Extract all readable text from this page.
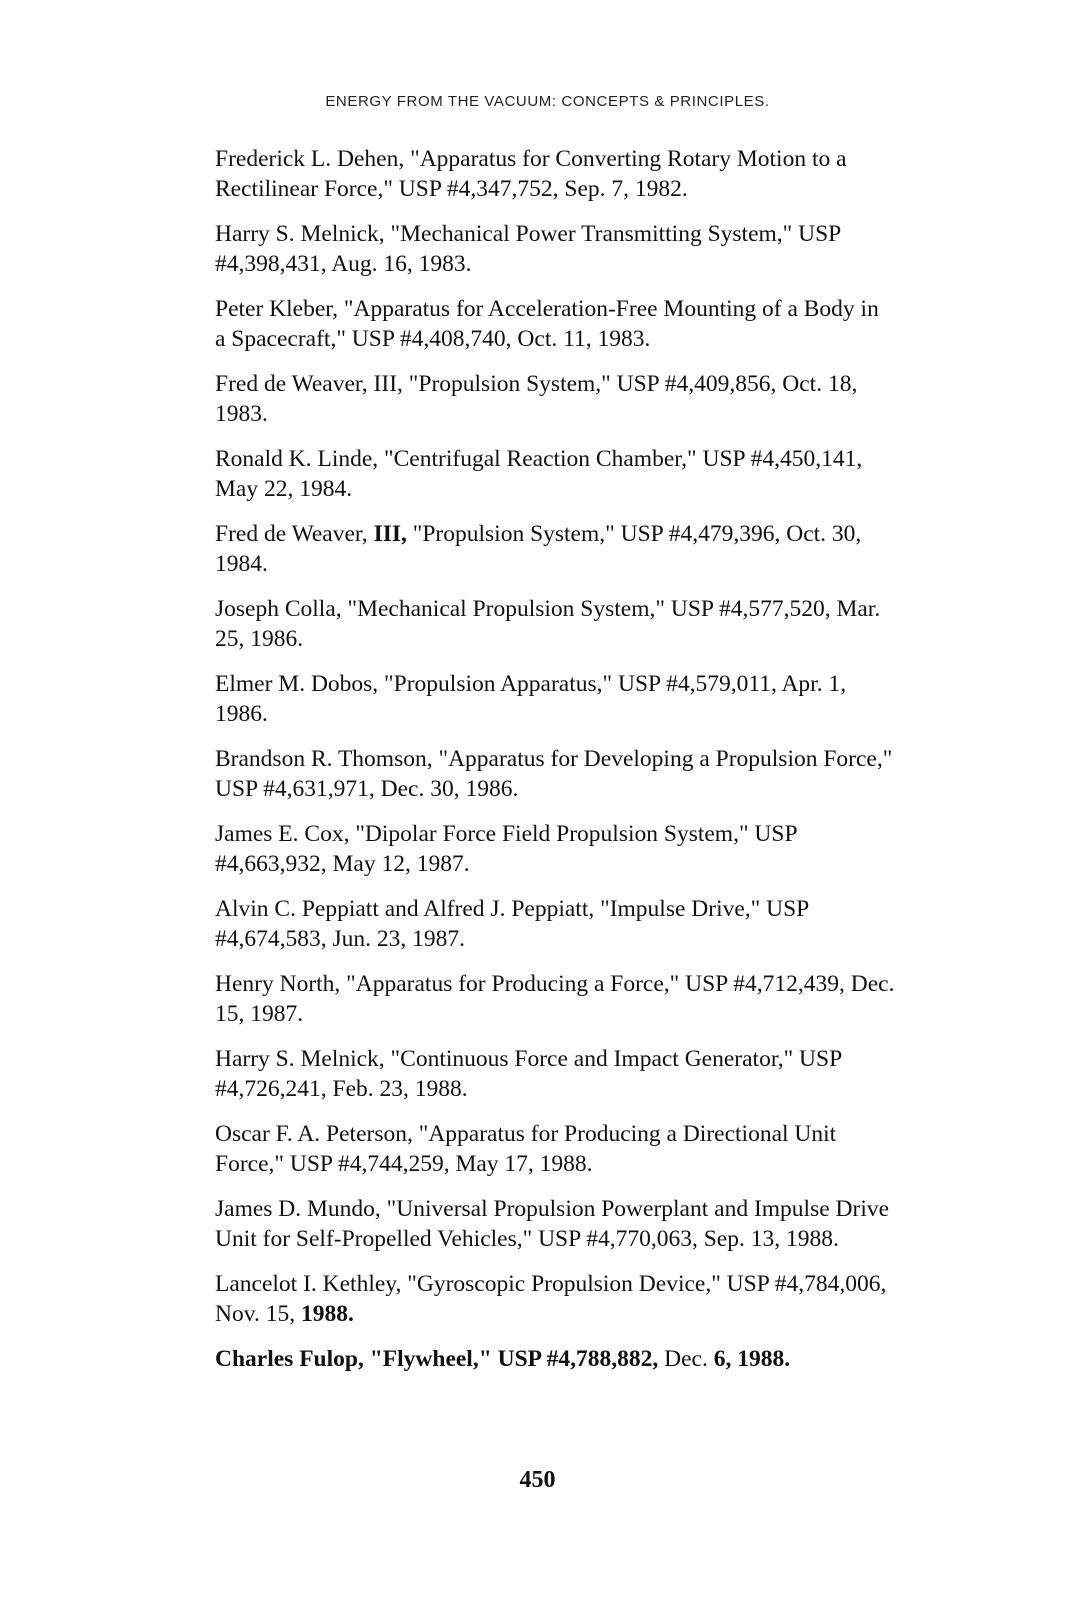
ENERGY FROM THE VACUUM: CONCEPTS & PRINCIPLES.
Frederick L. Dehen, "Apparatus for Converting Rotary Motion to a Rectilinear Force," USP #4,347,752, Sep. 7, 1982.
Harry S. Melnick, "Mechanical Power Transmitting System," USP #4,398,431, Aug. 16, 1983.
Peter Kleber, "Apparatus for Acceleration-Free Mounting of a Body in a Spacecraft," USP #4,408,740, Oct. 11, 1983.
Fred de Weaver, III, "Propulsion System," USP #4,409,856, Oct. 18, 1983.
Ronald K. Linde, "Centrifugal Reaction Chamber," USP #4,450,141, May 22, 1984.
Fred de Weaver, III, "Propulsion System," USP #4,479,396, Oct. 30, 1984.
Joseph Colla, "Mechanical Propulsion System," USP #4,577,520, Mar. 25, 1986.
Elmer M. Dobos, "Propulsion Apparatus," USP #4,579,011, Apr. 1, 1986.
Brandson R. Thomson, "Apparatus for Developing a Propulsion Force," USP #4,631,971, Dec. 30, 1986.
James E. Cox, "Dipolar Force Field Propulsion System," USP #4,663,932, May 12, 1987.
Alvin C. Peppiatt and Alfred J. Peppiatt, "Impulse Drive," USP #4,674,583, Jun. 23, 1987.
Henry North, "Apparatus for Producing a Force," USP #4,712,439, Dec. 15, 1987.
Harry S. Melnick, "Continuous Force and Impact Generator," USP #4,726,241, Feb. 23, 1988.
Oscar F. A. Peterson, "Apparatus for Producing a Directional Unit Force," USP #4,744,259, May 17, 1988.
James D. Mundo, "Universal Propulsion Powerplant and Impulse Drive Unit for Self-Propelled Vehicles," USP #4,770,063, Sep. 13, 1988.
Lancelot I. Kethley, "Gyroscopic Propulsion Device," USP #4,784,006, Nov. 15, 1988.
Charles Fulop, "Flywheel," USP #4,788,882, Dec. 6, 1988.
450
